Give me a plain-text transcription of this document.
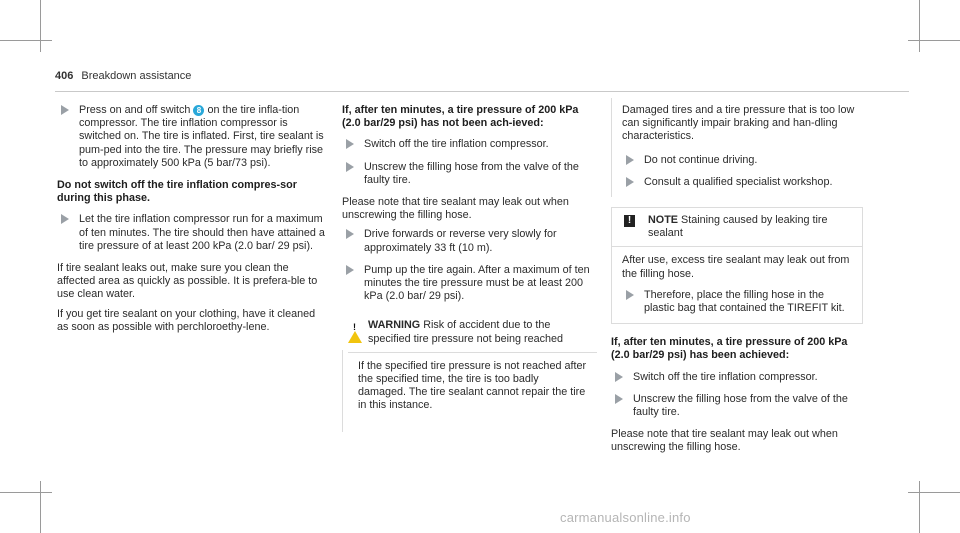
406 Breakdown assistance
Press on and off switch 8 on the tire infla-tion compressor. The tire inflation compressor is switched on. The tire is inflated. First, tire sealant is pum-ped into the tire. The pressure may briefly rise to approximately 500 kPa (5 bar/73 psi).
Do not switch off the tire inflation compres-sor during this phase.
Let the tire inflation compressor run for a maximum of ten minutes. The tire should then have attained a tire pressure of at least 200 kPa (2.0 bar/ 29 psi).
If tire sealant leaks out, make sure you clean the affected area as quickly as possible. It is prefera-ble to use clean water.
If you get tire sealant on your clothing, have it cleaned as soon as possible with perchloroethy-lene.
If, after ten minutes, a tire pressure of 200 kPa (2.0 bar/29 psi) has not been ach-ieved:
Switch off the tire inflation compressor.
Unscrew the filling hose from the valve of the faulty tire.
Please note that tire sealant may leak out when unscrewing the filling hose.
Drive forwards or reverse very slowly for approximately 33 ft (10 m).
Pump up the tire again. After a maximum of ten minutes the tire pressure must be at least 200 kPa (2.0 bar/ 29 psi).
! WARNING Risk of accident due to the specified tire pressure not being reached
If the specified tire pressure is not reached after the specified time, the tire is too badly damaged. The tire sealant cannot repair the tire in this instance.
Damaged tires and a tire pressure that is too low can significantly impair braking and han-dling characteristics.
Do not continue driving.
Consult a qualified specialist workshop.
!	NOTE Staining caused by leaking tire sealant
After use, excess tire sealant may leak out from the filling hose.
Therefore, place the filling hose in the plastic bag that contained the TIREFIT kit.
If, after ten minutes, a tire pressure of 200 kPa (2.0 bar/29 psi) has been achieved:
Switch off the tire inflation compressor.
Unscrew the filling hose from the valve of the faulty tire.
Please note that tire sealant may leak out when unscrewing the filling hose.
carmanualsonline.info
